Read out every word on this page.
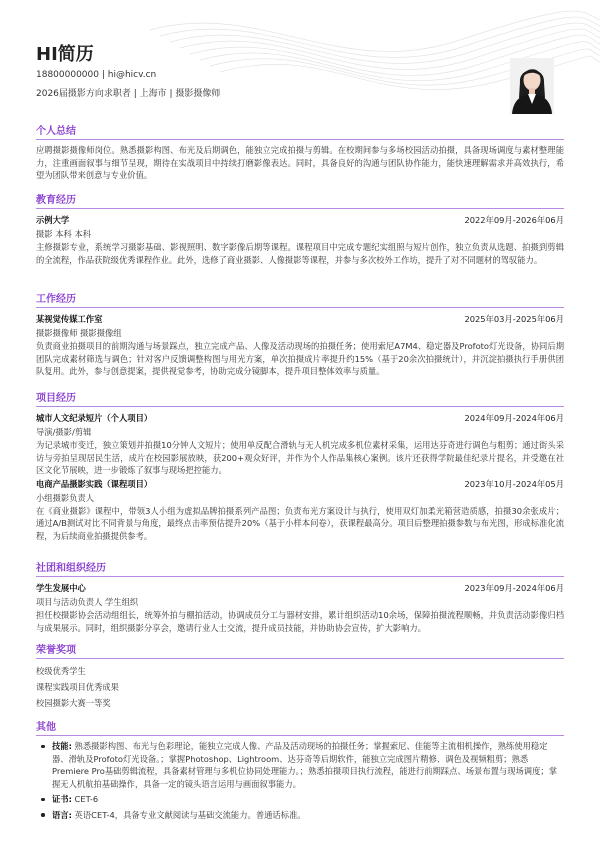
HI简历
18800000000 | hi@hicv.cn
2026届摄影方向求职者 | 上海市 | 摄影摄像师
个人总结

应聘摄影摄像师岗位。熟悉摄影构图、布光及后期调色，能独立完成拍摄与剪辑。在校期间参与多场校园活动拍摄，具备现场调度与素材整理能力，注重画面叙事与细节呈现，期待在实战项目中持续打磨影像表达。同时，具备良好的沟通与团队协作能力，能快速理解需求并高效执行，希望为团队带来创意与专业价值。

教育经历
示例大学	2022年09月-2026年06月
摄影 本科 本科

主修摄影专业，系统学习摄影基础、影视照明、数字影像后期等课程。课程项目中完成专题纪实组照与短片创作，独立负责从选题、拍摄到剪辑的全流程，作品获院级优秀课程作业。此外，选修了商业摄影、人像摄影等课程，并参与多次校外工作坊，提升了对不同题材的驾驭能力。

工作经历
某视觉传媒工作室	2025年03月-2025年06月
摄影摄像师 摄影摄像组

负责商业拍摄项目的前期沟通与场景踩点，独立完成产品、人像及活动现场的拍摄任务；使用索尼A7M4、稳定器及Profoto灯光设备，协同后期团队完成素材筛选与调色；针对客户反馈调整构图与用光方案，单次拍摄成片率提升约15%（基于20余次拍摄统计），并沉淀拍摄执行手册供团队复用。此外，参与创意提案，提供视觉参考，协助完成分镜脚本，提升项目整体效率与质量。

项目经历
城市人文纪录短片（个人项目）	2024年09月-2024年06月
导演/摄影/剪辑

为记录城市变迁，独立策划并拍摄10分钟人文短片；使用单反配合滑轨与无人机完成多机位素材采集，运用达芬奇进行调色与粗剪；通过街头采访与旁拍呈现居民生活，成片在校园影展放映，获200+观众好评，并作为个人作品集核心案例。该片还获得学院最佳纪录片提名，并受邀在社区文化节展映，进一步锻炼了叙事与现场把控能力。

电商产品摄影实践（课程项目）	2023年10月-2024年05月
小组摄影负责人

在《商业摄影》课程中，带领3人小组为虚拟品牌拍摄系列产品图；负责布光方案设计与执行，使用双灯加柔光箱营造质感，拍摄30余张成片；通过A/B测试对比不同背景与角度，最终点击率预估提升20%（基于小样本问卷），获课程最高分。项目后整理拍摄参数与布光图，形成标准化流程，为后续商业拍摄提供参考。

社团和组织经历
学生发展中心	2023年09月-2024年06月
项目与活动负责人 学生组织

担任校摄影协会活动组组长，统筹外拍与棚拍活动，协调成员分工与器材安排，累计组织活动10余场，保障拍摄流程顺畅，并负责活动影像归档与成果展示。同时，组织摄影分享会，邀请行业人士交流，提升成员技能，并协助协会宣传，扩大影响力。

荣誉奖项
校级优秀学生
课程实践项目优秀成果
校园摄影大赛一等奖
其他
技能: 熟悉摄影构图、布光与色彩理论，能独立完成人像、产品及活动现场的拍摄任务；掌握索尼、佳能等主流相机操作，熟练使用稳定器、滑轨及Profoto灯光设备。；掌握Photoshop、Lightroom、达芬奇等后期软件，能独立完成图片精修、调色及视频粗剪；熟悉Premiere Pro基础剪辑流程，具备素材管理与多机位协同处理能力。；熟悉拍摄项目执行流程，能进行前期踩点、场景布置与现场调度；掌握无人机航拍基础操作，具备一定的镜头语言运用与画面叙事能力。
证书: CET-6
语言: 英语CET-4，具备专业文献阅读与基础交流能力。普通话标准。
